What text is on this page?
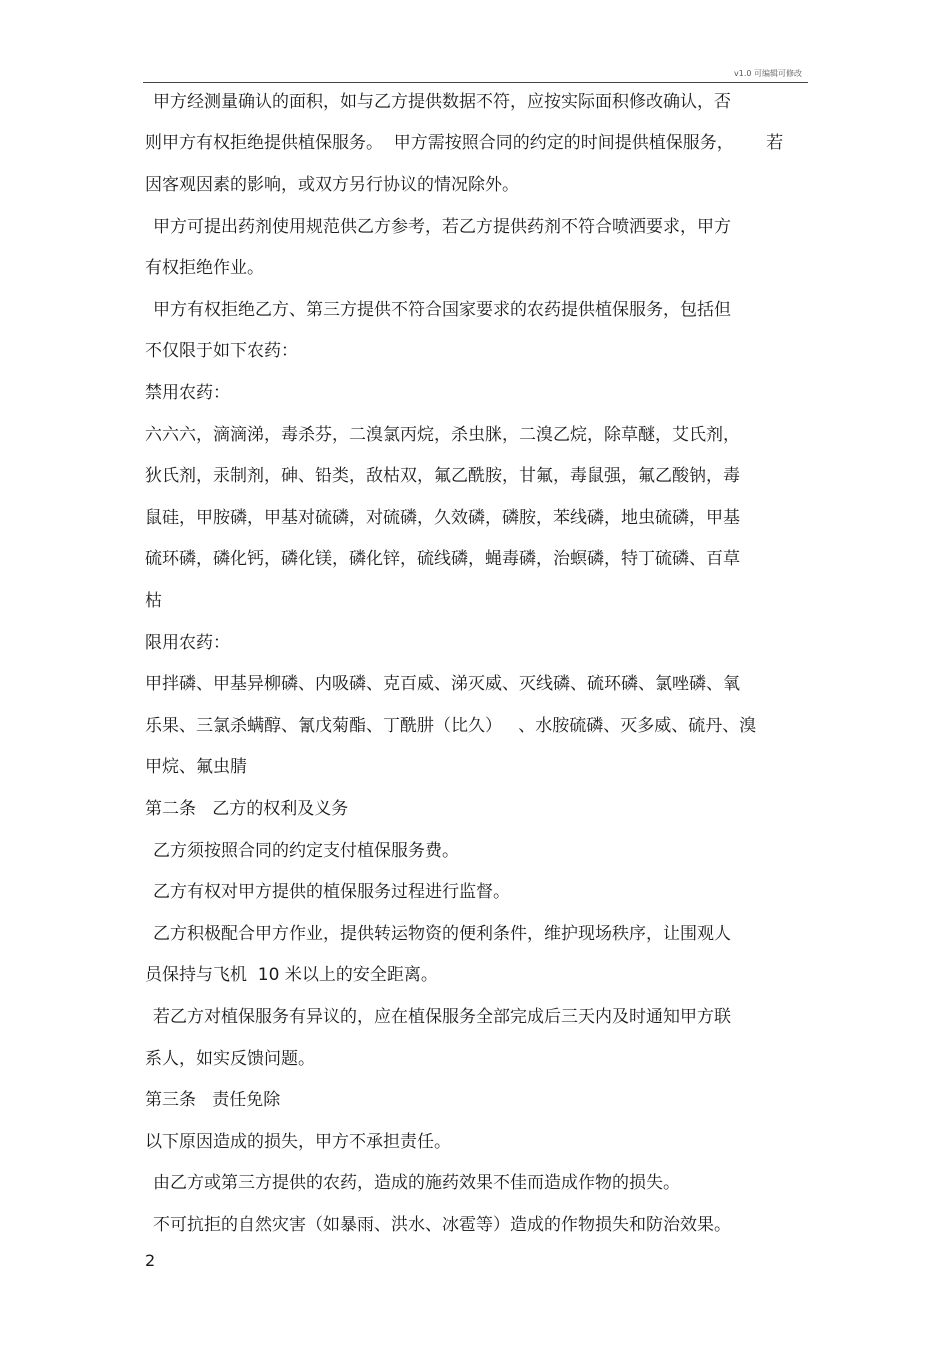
v1.0 可编辑可修改
甲方经测量确认的面积，如与乙方提供数据不符，应按实际面积修改确认，否
则甲方有权拒绝提供植保服务。  甲方需按照合同的约定的时间提供植保服务，      若
因客观因素的影响，或双方另行协议的情况除外。
甲方可提出药剂使用规范供乙方参考，若乙方提供药剂不符合喷洒要求，甲方
有权拒绝作业。
甲方有权拒绝乙方、第三方提供不符合国家要求的农药提供植保服务，包括但
不仅限于如下农药：
禁用农药：
六六六，滴滴涕，毒杀芬，二溴氯丙烷，杀虫脒，二溴乙烷，除草醚，艾氏剂，
狄氏剂，汞制剂，砷、铅类，敌枯双，氟乙酰胺，甘氟，毒鼠强，氟乙酸钠，毒
鼠硅，甲胺磷，甲基对硫磷，对硫磷，久效磷，磷胺，苯线磷，地虫硫磷，甲基
硫环磷，磷化钙，磷化镁，磷化锌，硫线磷，蝇毒磷，治螟磷，特丁硫磷、百草
枯
限用农药：
甲拌磷、甲基异柳磷、内吸磷、克百威、涕灭威、灭线磷、硫环磷、氯唑磷、氧
乐果、三氯杀螨醇、氰戊菊酯、丁酰肼（比久）   、水胺硫磷、灭多威、硫丹、溴
甲烷、氟虫腈
第二条   乙方的权利及义务
乙方须按照合同的约定支付植保服务费。
乙方有权对甲方提供的植保服务过程进行监督。
乙方积极配合甲方作业，提供转运物资的便利条件，维护现场秩序，让围观人
员保持与飞机  10 米以上的安全距离。
若乙方对植保服务有异议的，应在植保服务全部完成后三天内及时通知甲方联
系人，如实反馈问题。
第三条   责任免除
以下原因造成的损失，甲方不承担责任。
由乙方或第三方提供的农药，造成的施药效果不佳而造成作物的损失。
不可抗拒的自然灾害（如暴雨、洪水、冰雹等）造成的作物损失和防治效果。
2
